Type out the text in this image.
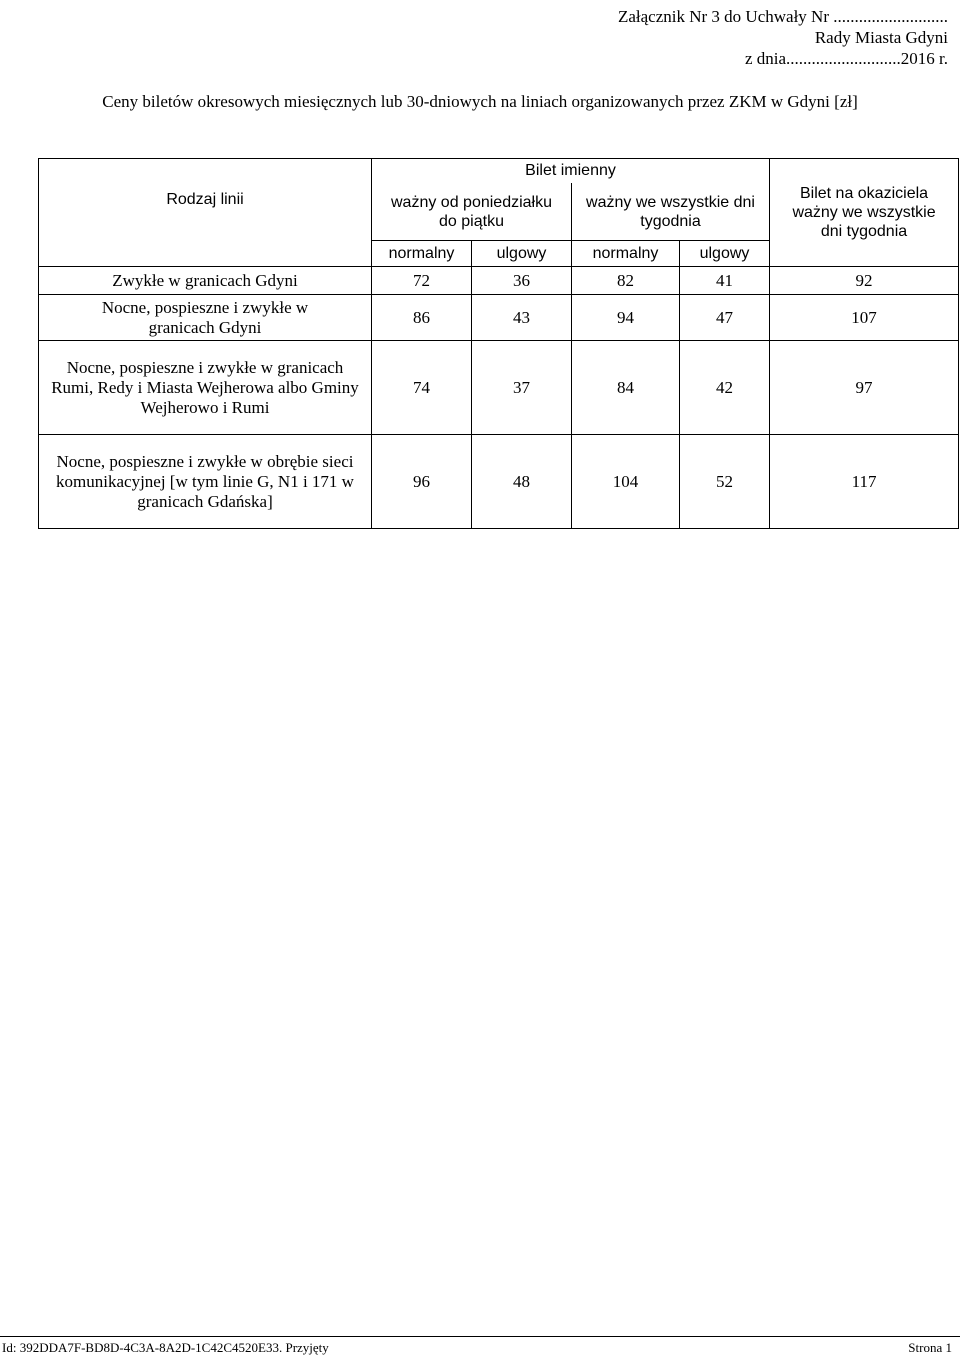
Załącznik Nr 3 do Uchwały Nr ...........................
Rady Miasta Gdyni
z dnia...........................2016 r.
Ceny biletów okresowych miesięcznych lub 30-dniowych na liniach organizowanych przez ZKM w Gdyni [zł]
Rodzaj linii	Bilet imienny				Bilet na okaziciela ważny we wszystkie dni tygodnia
	ważny od poniedziałku do piątku		ważny we wszystkie dni tygodnia		

	normalny	ulgowy	normalny	ulgowy	
Zwykłe w granicach Gdyni	72	36	82	41	92
Nocne, pospieszne i zwykłe w granicach Gdyni	86	43	94	47	107
Nocne, pospieszne i zwykłe w granicach Rumi, Redy i Miasta Wejherowa albo Gminy Wejherowo i Rumi	74	37	84	42	97
Nocne, pospieszne i zwykłe w obrębie sieci komunikacyjnej [w tym linie G, N1 i 171 w granicach Gdańska]	96	48	104	52	117
Id: 392DDA7F-BD8D-4C3A-8A2D-1C42C4520E33. Przyjęty	Strona 1
